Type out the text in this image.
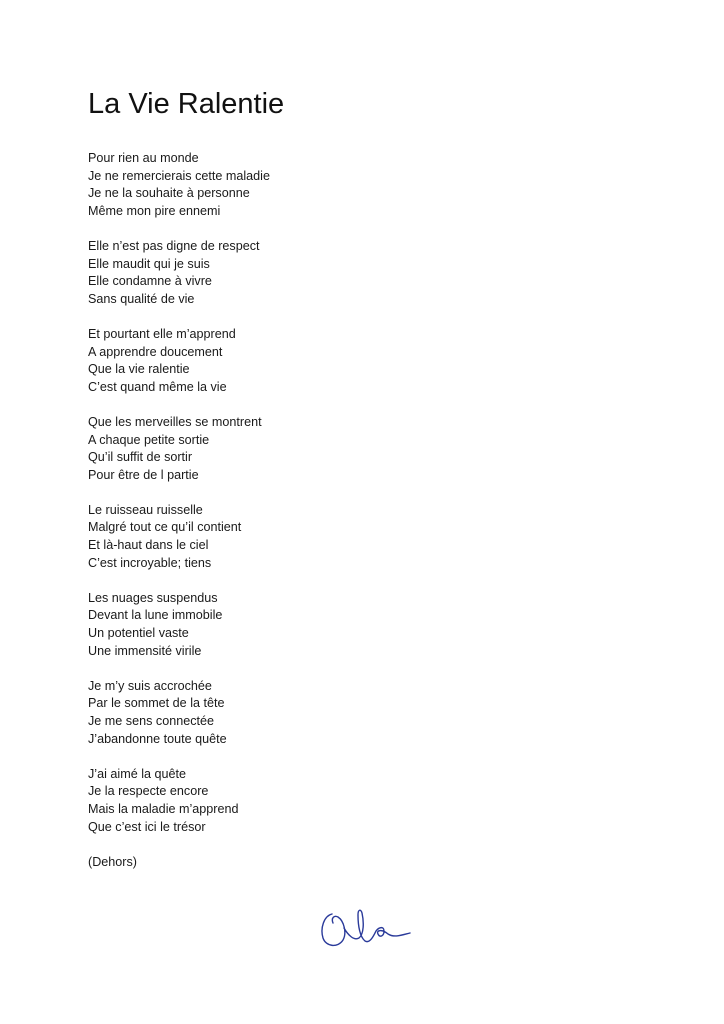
La Vie Ralentie
Pour rien au monde
Je ne remercierais cette maladie
Je ne la souhaite à personne
Même mon pire ennemi
Elle n’est pas digne de respect
Elle maudit qui je suis
Elle condamne à vivre
Sans qualité de vie
Et pourtant elle m’apprend
A apprendre doucement
Que la vie ralentie
C’est quand même la vie
Que les merveilles se montrent
A chaque petite sortie
Qu’il suffit de sortir
Pour être de l partie
Le ruisseau ruisselle
Malgré tout ce qu’il contient
Et là-haut dans le ciel
C’est incroyable; tiens
Les nuages suspendus
Devant la lune immobile
Un potentiel vaste
Une immensité virile
Je m’y suis accrochée
Par le sommet de la tête
Je me sens connectée
J’abandonne toute quête
J’ai aimé la quête
Je la respecte encore
Mais la maladie m’apprend
Que c’est ici le trésor
(Dehors)
